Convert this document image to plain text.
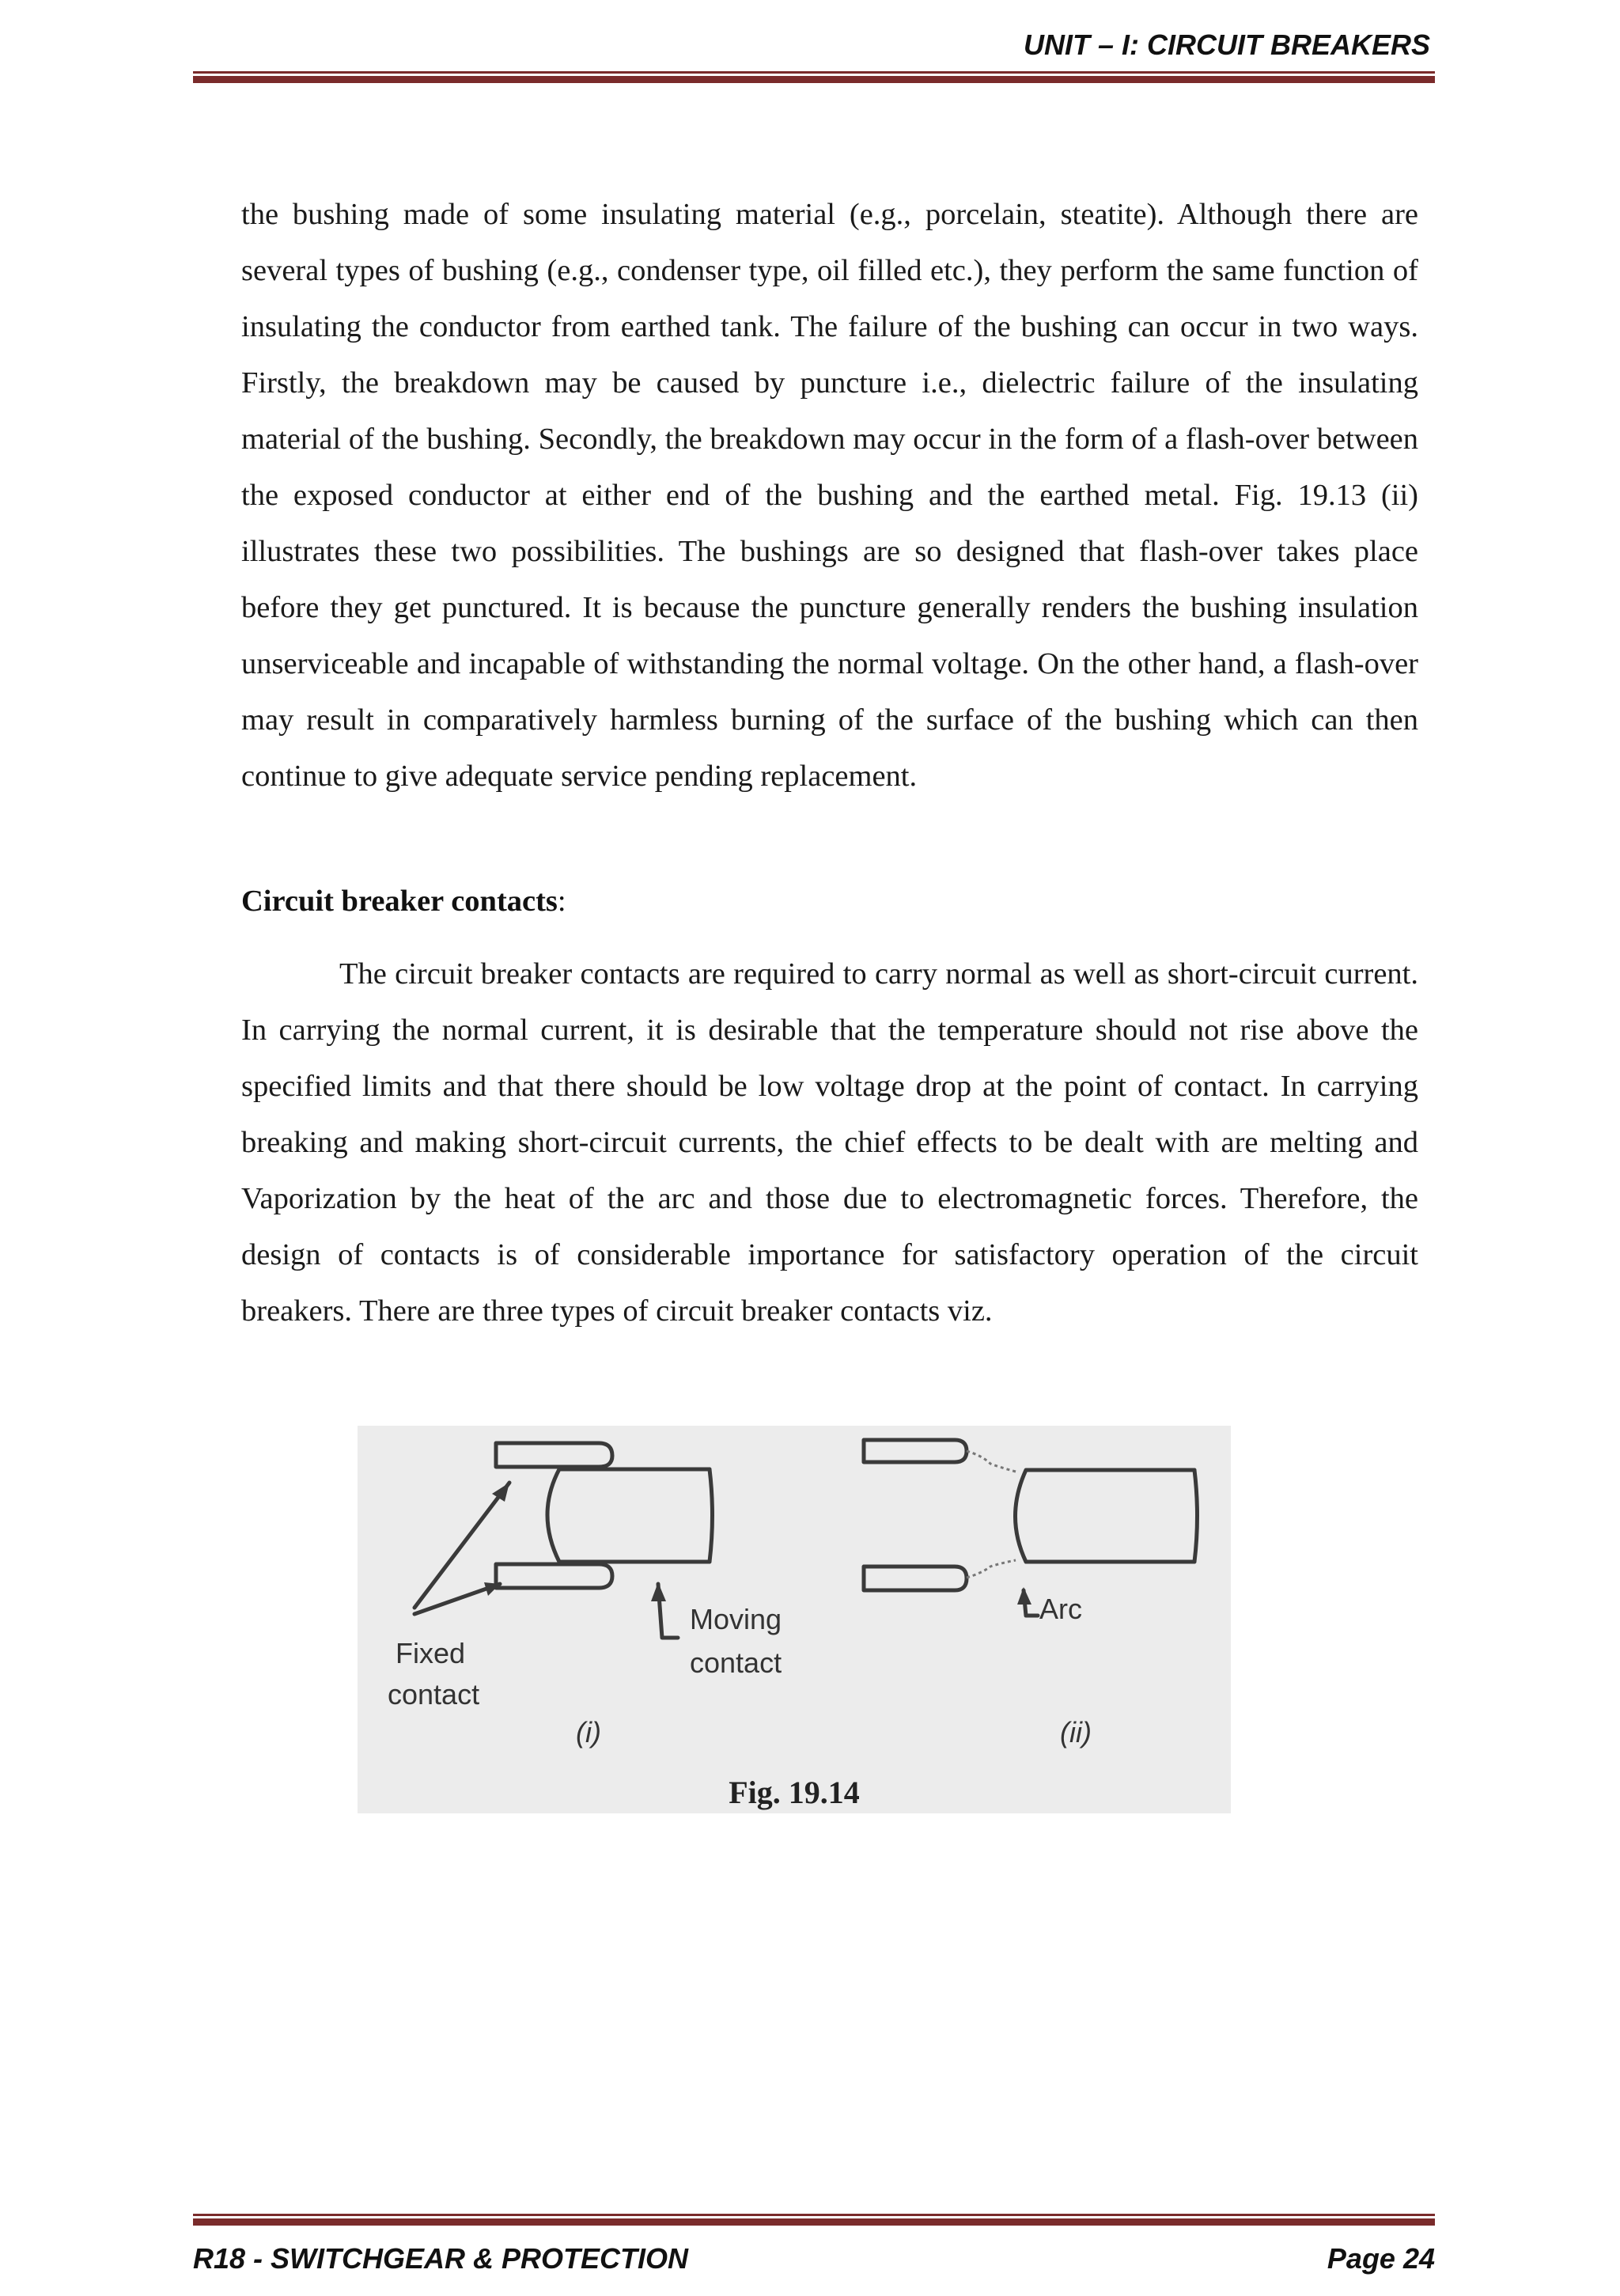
UNIT – I: CIRCUIT BREAKERS
the bushing made of some insulating material (e.g., porcelain, steatite). Although there are several types of bushing (e.g., condenser type, oil filled etc.), they perform the same function of insulating the conductor from earthed tank. The failure of the bushing can occur in two ways. Firstly, the breakdown may be caused by puncture i.e., dielectric failure of the insulating material of the bushing. Secondly, the breakdown may occur in the form of a flash-over between the exposed conductor at either end of the bushing and the earthed metal. Fig. 19.13 (ii) illustrates these two possibilities. The bushings are so designed that flash-over takes place before they get punctured. It is because the puncture generally renders the bushing insulation unserviceable and incapable of withstanding the normal voltage. On the other hand, a flash-over may result in comparatively harmless burning of the surface of the bushing which can then continue to give adequate service pending replacement.
Circuit breaker contacts:
The circuit breaker contacts are required to carry normal as well as short-circuit current. In carrying the normal current, it is desirable that the temperature should not rise above the specified limits and that there should be low voltage drop at the point of contact. In carrying breaking and making short-circuit currents, the chief effects to be dealt with are melting and Vaporization by the heat of the arc and those due to electromagnetic forces. Therefore, the design of contacts is of considerable importance for satisfactory operation of the circuit breakers. There are three types of circuit breaker contacts viz.
Fixed
contact
Moving
contact
Arc
(i)	(ii)
Fig. 19.14
R18 - SWITCHGEAR & PROTECTION	Page 24
